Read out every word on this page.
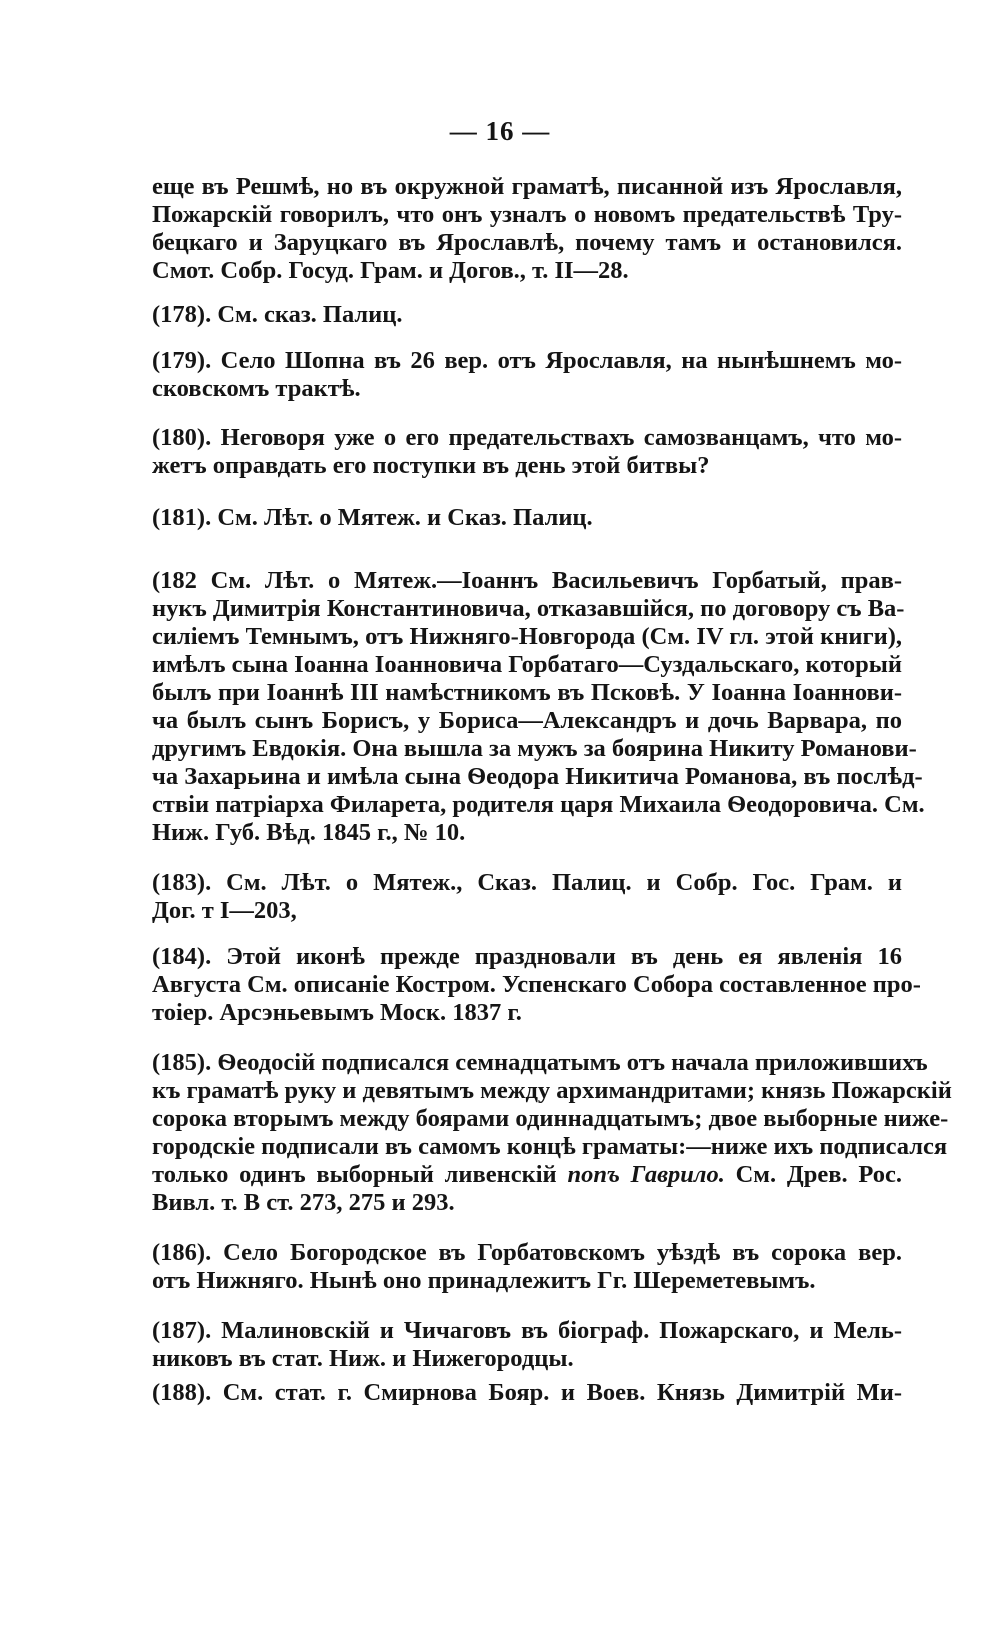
— 16 —
еще въ Решмѣ, но въ окружной граматѣ, писанной изъ Ярославля,
Пожарскій говорилъ, что онъ узналъ о новомъ предательствѣ Тру-
бецкаго и Заруцкаго въ Ярославлѣ, почему тамъ и остановился.
Смот. Собр. Госуд. Грам. и Догов., т. II—28.
(178). См. сказ. Палиц.
(179). Село Шопна въ 26 вер. отъ Ярославля, на нынѣшнемъ мо-
сковскомъ трактѣ.
(180). Неговоря уже о его предательствахъ самозванцамъ, что мо-
жетъ оправдать его поступки въ день этой битвы?
(181). См. Лѣт. о Мятеж. и Сказ. Палиц.
(182 См. Лѣт. о Мятеж.—Іоаннъ Васильевичъ Горбатый, прав-
нукъ Димитрія Константиновича, отказавшійся, по договору съ Ва-
силіемъ Темнымъ, отъ Нижняго-Новгорода (См. IV гл. этой книги),
имѣлъ сына Іоанна Іоанновича Горбатаго—Суздальскаго, который
былъ при Іоаннѣ III намѣстникомъ въ Псковѣ. У Іоанна Іоаннови-
ча былъ сынъ Борисъ, у Бориса—Александръ и дочь Варвара, по
другимъ Евдокія. Она вышла за мужъ за боярина Никиту Романови-
ча Захарьина и имѣла сына Ѳеодора Никитича Романова, въ послѣд-
ствіи патріарха Филарета, родителя царя Михаила Ѳеодоровича. См.
Ниж. Губ. Вѣд. 1845 г., № 10.
(183). См. Лѣт. о Мятеж., Сказ. Палиц. и Собр. Гос. Грам. и
Дог. т I—203,
(184). Этой иконѣ прежде праздновали въ день ея явленія 16
Августа См. описаніе Костром. Успенскаго Собора составленное про-
тоіер. Арсэньевымъ Моск. 1837 г.
(185). Ѳеодосій подписался семнадцатымъ отъ начала приложившихъ
къ граматѣ руку и девятымъ между архимандритами; князь Пожарскій
сорока вторымъ между боярами одиннадцатымъ; двое выборные ниже-
городскіе подписали въ самомъ концѣ граматы:—ниже ихъ подписался
только одинъ выборный ливенскій попъ Гаврило. См. Древ. Рос.
Вивл. т. В ст. 273, 275 и 293.
(186). Село Богородское въ Горбатовскомъ уѣздѣ въ сорока вер.
отъ Нижняго. Нынѣ оно принадлежитъ Гг. Шереметевымъ.
(187). Малиновскій и Чичаговъ въ біограф. Пожарскаго, и Мель-
никовъ въ стат. Ниж. и Нижегородцы.
(188). См. стат. г. Смирнова Бояр. и Воев. Князь Димитрій Ми-
